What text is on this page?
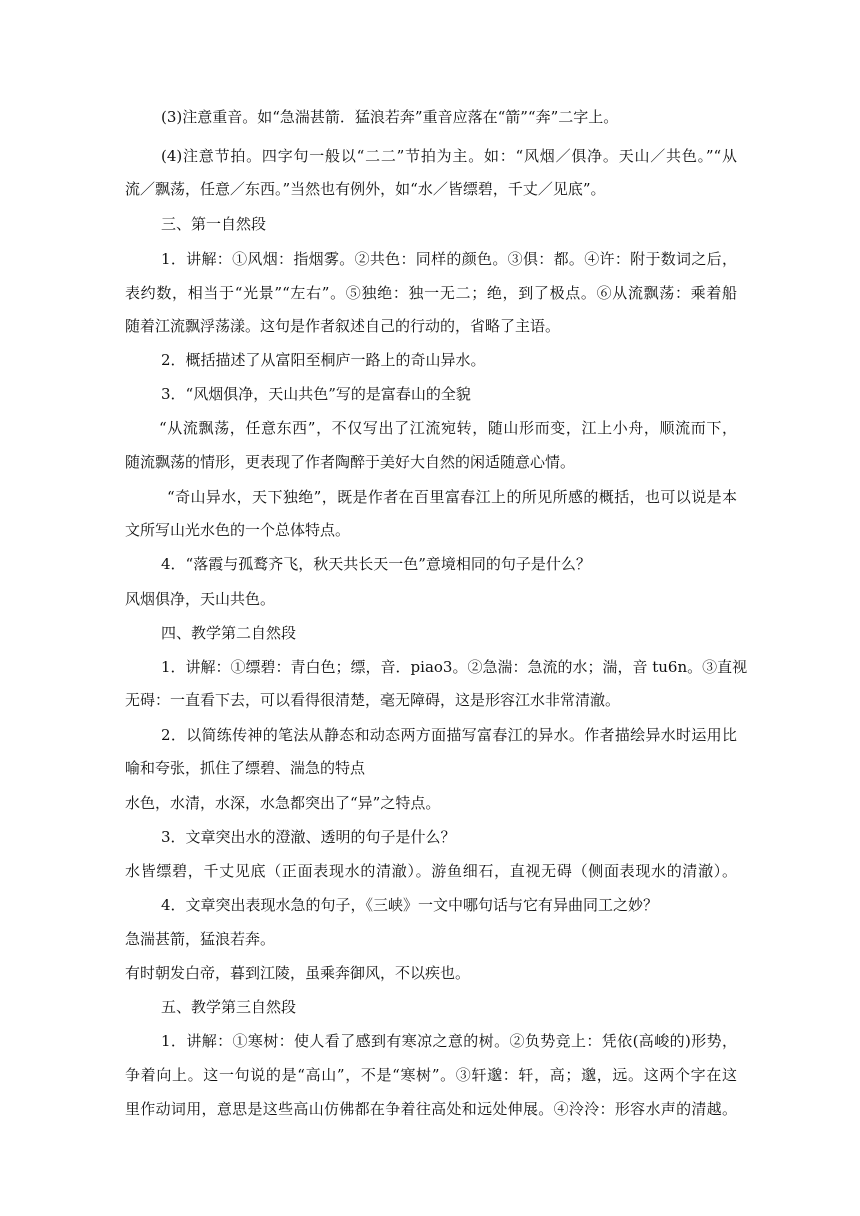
(3)注意重音。如“急湍甚箭．猛浪若奔”重音应落在“箭”“奔”二字上。
(4)注意节拍。四字句一般以“二二”节拍为主。如：“风烟／俱净。天山／共色。”“从
流／飘荡，任意／东西。”当然也有例外，如“水／皆缥碧，千丈／见底”。
三、第一自然段
1．讲解：①风烟：指烟雾。②共色：同样的颜色。③俱：都。④许：附于数词之后，
表约数，相当于“光景”“左右”。⑤独绝：独一无二；绝，到了极点。⑥从流飘荡：乘着船
随着江流飘浮荡漾。这句是作者叙述自己的行动的，省略了主语。
2．概括描述了从富阳至桐庐一路上的奇山异水。
3．“风烟俱净，天山共色”写的是富春山的全貌
“从流飘荡，任意东西”，不仅写出了江流宛转，随山形而变，江上小舟，顺流而下，
随流飘荡的情形，更表现了作者陶醉于美好大自然的闲适随意心情。
“奇山异水，天下独绝”，既是作者在百里富春江上的所见所感的概括，也可以说是本
文所写山光水色的一个总体特点。
4．“落霞与孤鹜齐飞，秋天共长天一色”意境相同的句子是什么？
风烟俱净，天山共色。
四、教学第二自然段
1．讲解：①缥碧：青白色；缥，音．piao3。②急湍：急流的水；湍，音 tu6n。③直视
无碍：一直看下去，可以看得很清楚，毫无障碍，这是形容江水非常清澈。
2．以简练传神的笔法从静态和动态两方面描写富春江的异水。作者描绘异水时运用比
喻和夸张，抓住了缥碧、湍急的特点
水色，水清，水深，水急都突出了“异”之特点。
3．文章突出水的澄澈、透明的句子是什么？
水皆缥碧，千丈见底（正面表现水的清澈）。游鱼细石，直视无碍（侧面表现水的清澈）。
4．文章突出表现水急的句子，《三峡》一文中哪句话与它有异曲同工之妙？
急湍甚箭，猛浪若奔。
有时朝发白帝，暮到江陵，虽乘奔御风，不以疾也。
五、教学第三自然段
1．讲解：①寒树：使人看了感到有寒凉之意的树。②负势竞上：凭依(高峻的)形势，
争着向上。这一句说的是“高山”，不是“寒树”。③轩邈：轩，高；邈，远。这两个字在这
里作动词用，意思是这些高山仿佛都在争着往高处和远处伸展。④泠泠：形容水声的清越。
